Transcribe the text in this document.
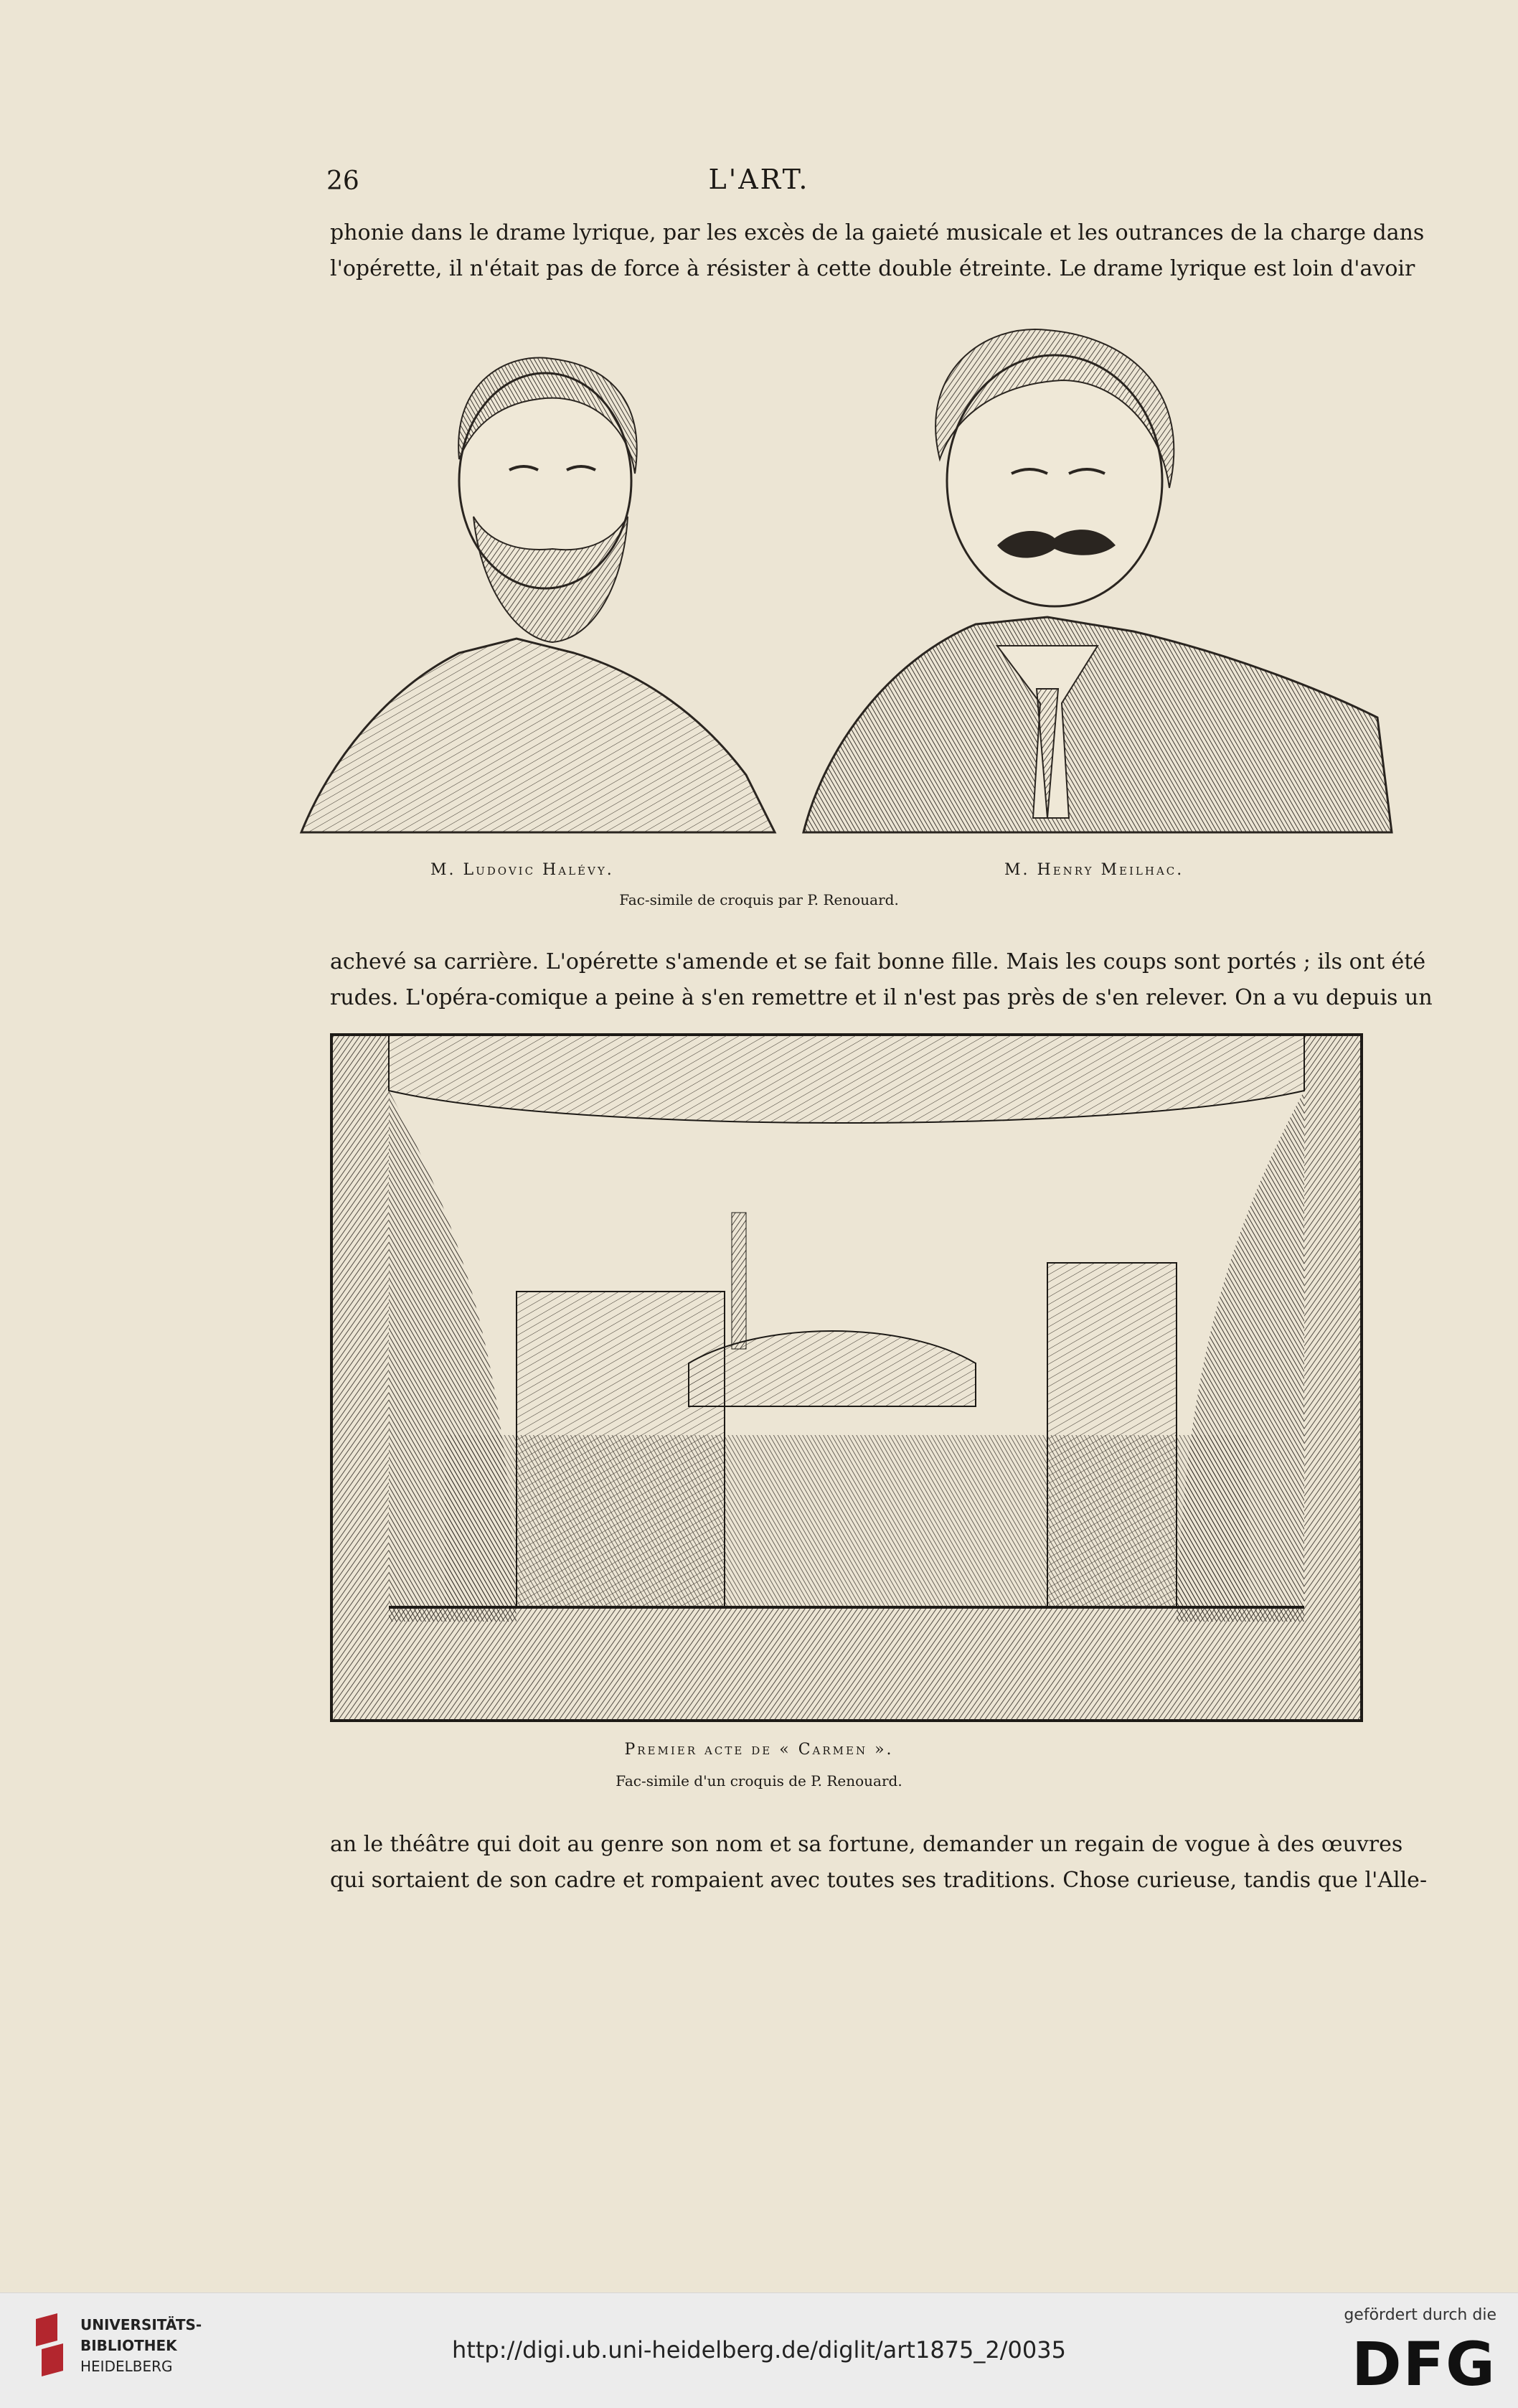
26	L'ART.
phonie dans le drame lyrique, par les excès de la gaieté musicale et les outrances de la charge dans
l'opérette, il n'était pas de force à résister à cette double étreinte. Le drame lyrique est loin d'avoir
M. Ludovic Halévy.	M. Henry Meilhac.
Fac-simile de croquis par P. Renouard.
achevé sa carrière. L'opérette s'amende et se fait bonne fille. Mais les coups sont portés ; ils ont été
rudes. L'opéra-comique a peine à s'en remettre et il n'est pas près de s'en relever. On a vu depuis un
Premier acte de « Carmen ».
Fac-simile d'un croquis de P. Renouard.
an le théâtre qui doit au genre son nom et sa fortune, demander un regain de vogue à des œuvres
qui sortaient de son cadre et rompaient avec toutes ses traditions. Chose curieuse, tandis que l'Alle-
UNIVERSITÄTS-
BIBLIOTHEK
HEIDELBERG
http://digi.ub.uni-heidelberg.de/diglit/art1875_2/0035
gefördert durch die
DFG
